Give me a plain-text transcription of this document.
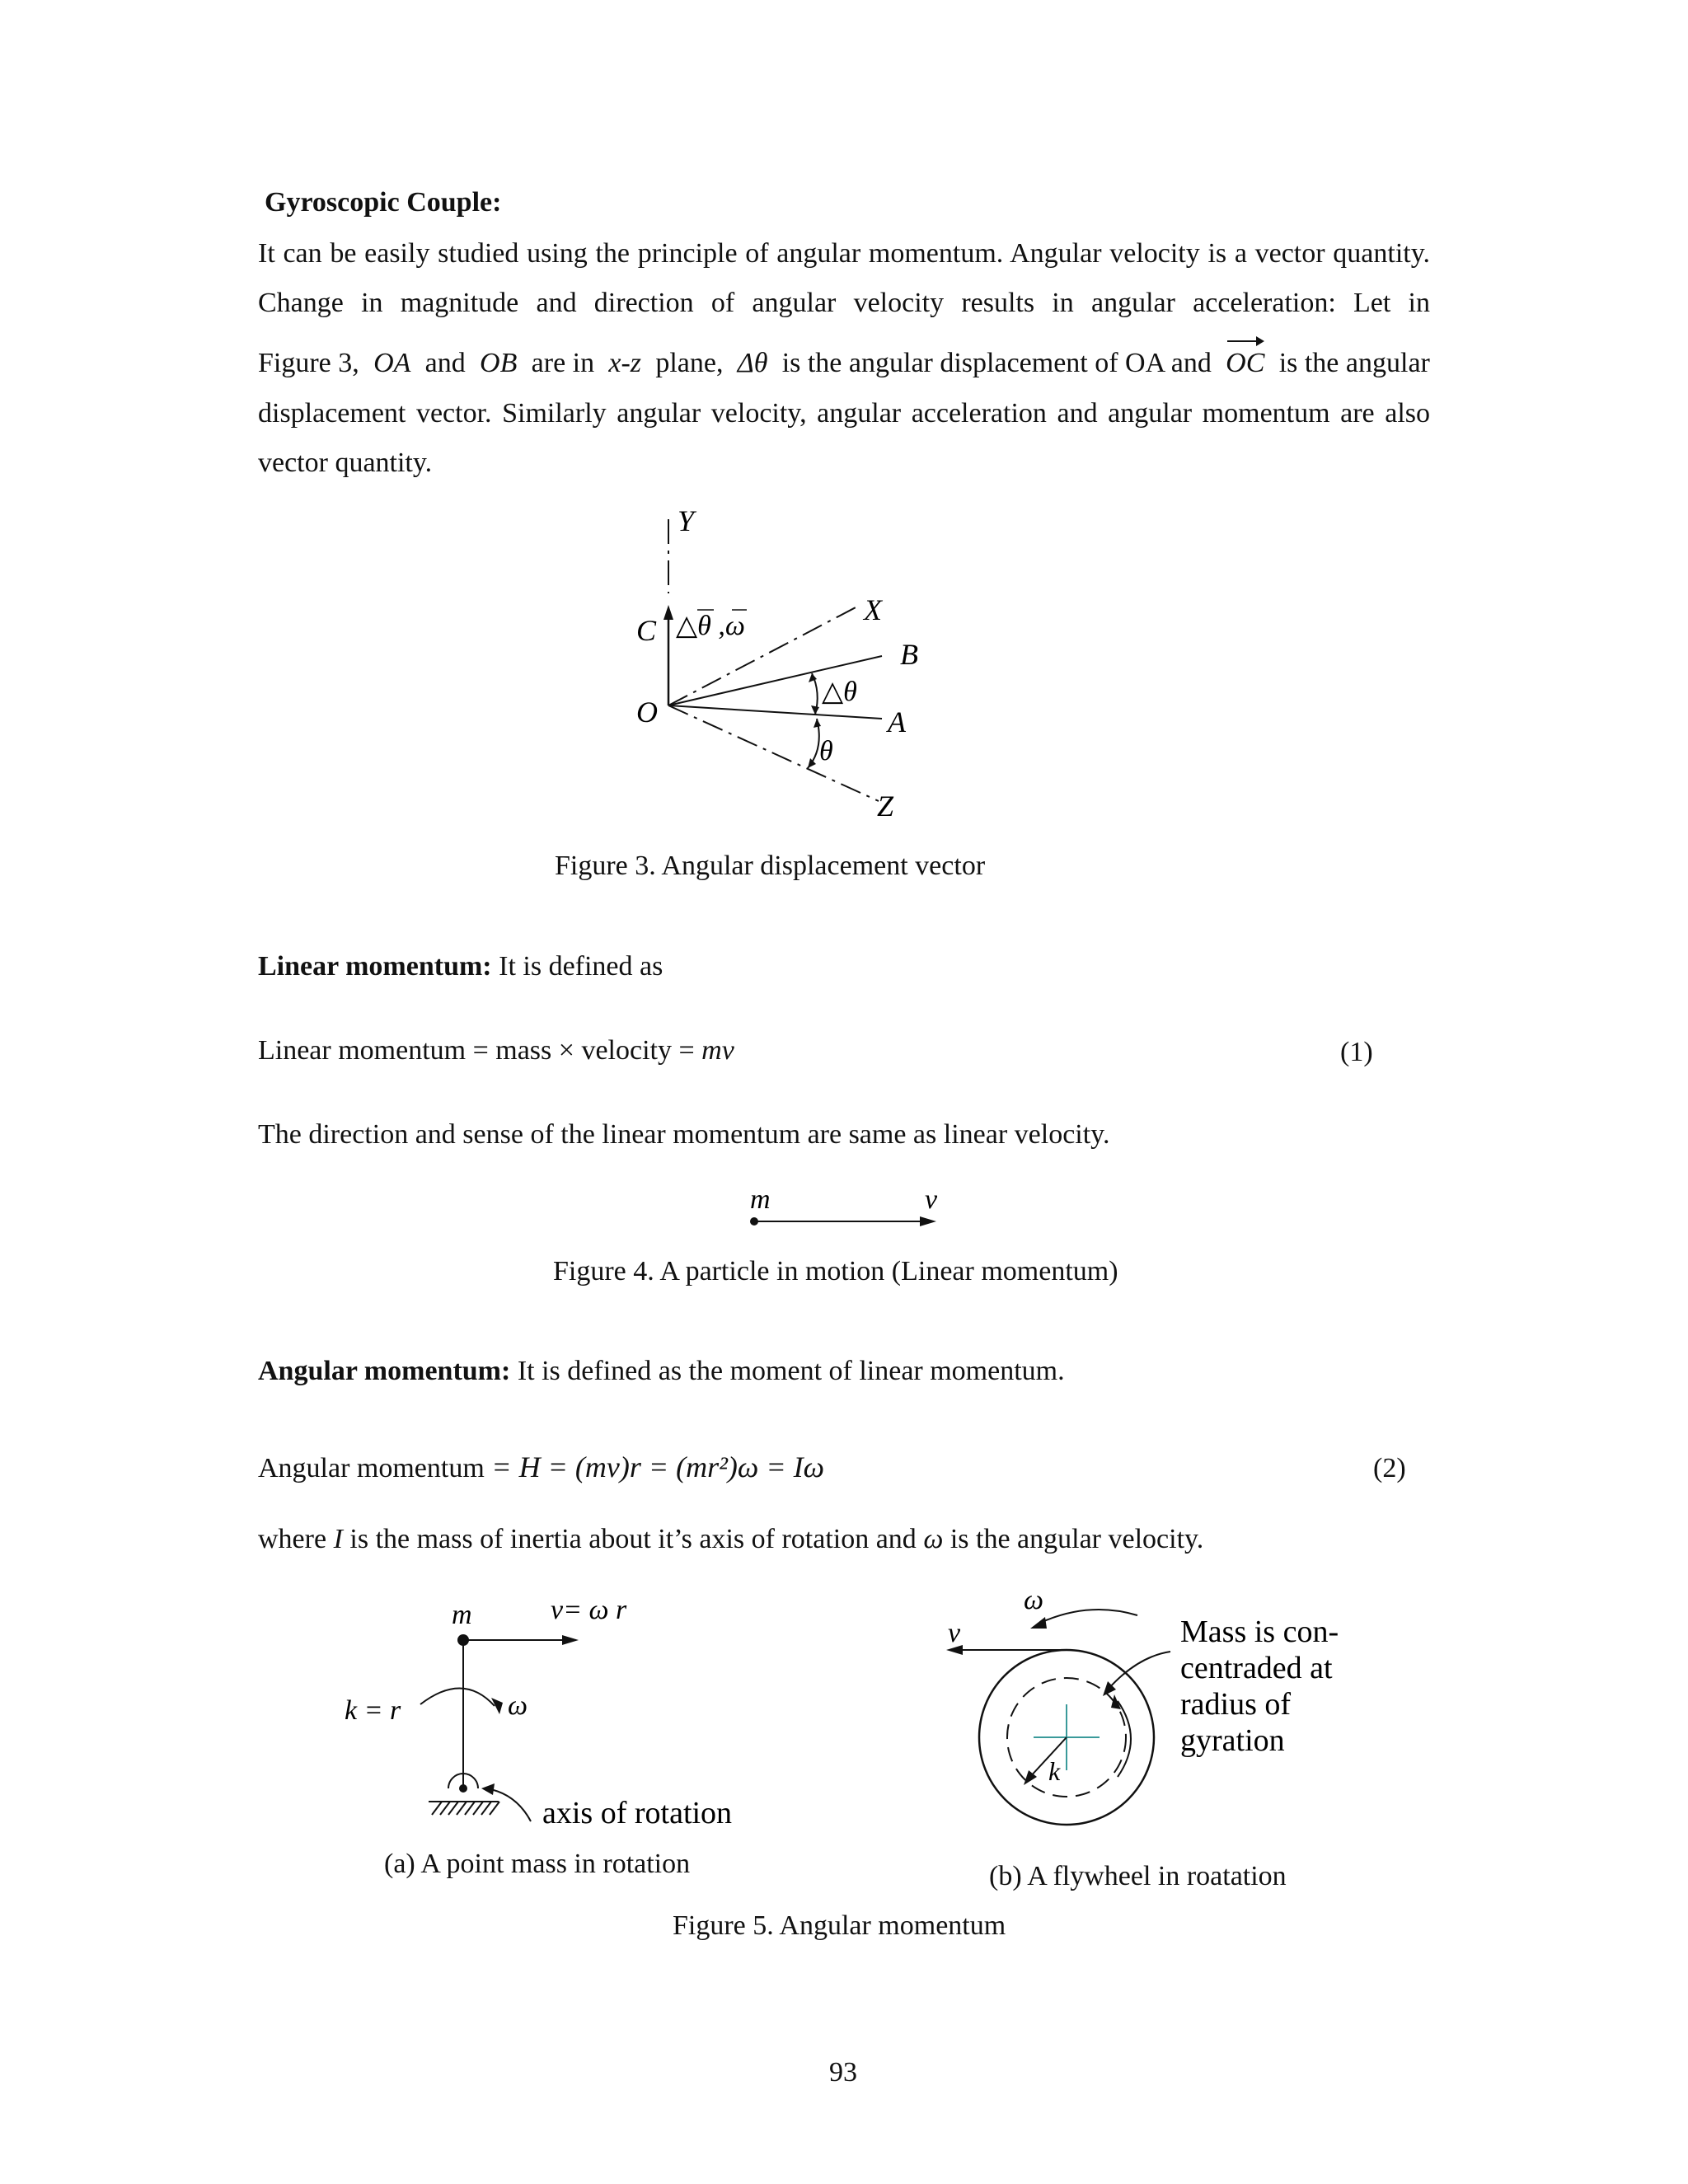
Gyroscopic Couple:

It can be easily studied using the principle of angular momentum. Angular velocity is a vector quantity. Change in magnitude and direction of angular velocity results in angular acceleration: Let in

Figure 3, OA and OB are in x-z plane, Δθ is the angular displacement of OA and OC is the angular

displacement vector. Similarly angular velocity, angular acceleration and angular momentum are also vector quantity.

Y
X
B
A
Z
O
C △θ ,ω
△θ
θ
Figure 3. Angular displacement vector
Linear momentum: It is defined as
Linear momentum = mass × velocity = mv	(1)
The direction and sense of the linear momentum are same as linear velocity.
m	v
Figure 4. A particle in motion (Linear momentum)
Angular momentum: It is defined as the moment of linear momentum.
Angular momentum = H = (mv)r = (mr²)ω = Iω	(2)
where I is the mass of inertia about it’s axis of rotation and ω is the angular velocity.
m	v= ω r
k = r	ω
axis of rotation
(a) A point mass in rotation
ω
v
k
Mass is con-
centraded at
radius of
gyration
(b) A flywheel in roatation
Figure 5. Angular momentum
93
